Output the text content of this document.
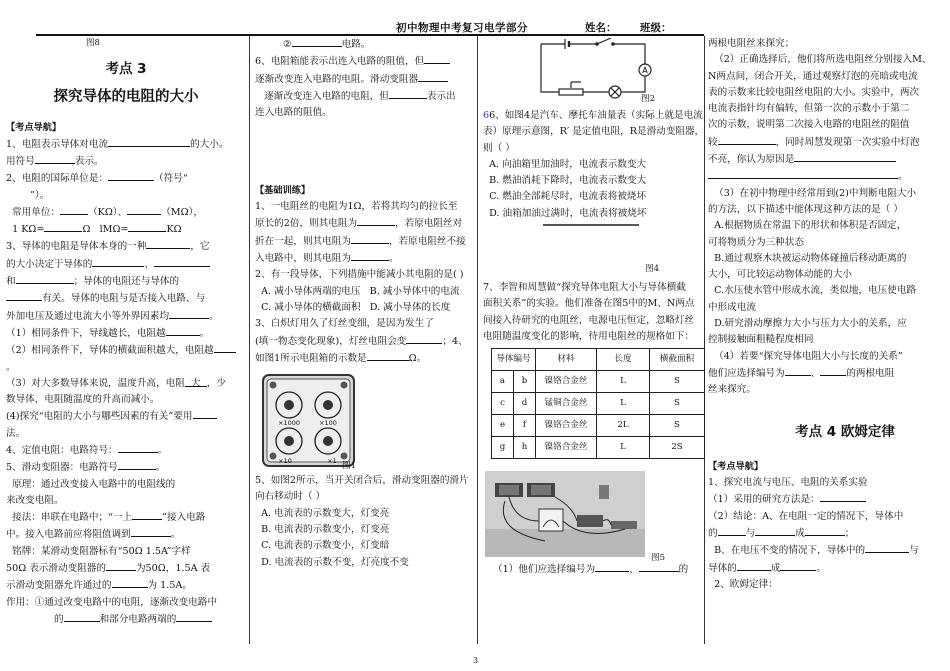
初中物理中考复习电学部分	姓名： 班级：

图8

考点 3
探究导体的电阻的大小

【考点导航】

1、电阻表示导体对电流	的大小。

用符号	表示。

2、电阻的国际单位是：	（符号“

”）。

常用单位：	（KΩ）、	（MΩ），

1 KΩ=	Ω lMΩ=	KΩ

3、导体的电阻是导体本身的一种	，它

的大小决定于导体的	、

和	；导体的电阻还与导体的

有关。导体的电阻与是否接入电路、与

外加电压及通过电流大小等外界因素均	。

（1）相同条件下，导线越长，电阻越	。

（2）相同条件下，导体的横截面积越大，电阻越

。

（3）对大多数导体来说，温度升高，电阻 大 ，少

数导体，电阻随温度的升高而减小。

(4)探究“电阻的大小与哪些因素的有关”要用

法。

4、定值电阻：电路符号：	。

5、滑动变阻器：电路符号	。

原理：通过改变接入电路中的电阻线的

来改变电阻。

接法：串联在电路中；“一上	”接入电路

中。接入电路前应将阻值调到	。

铭牌：某滑动变阻器标有“50Ω 1.5A”字样

50Ω 表示滑动变阻器的	为50Ω，1.5A 表

示滑动变阻器允许通过的	为 1.5A。

作用：①通过改变电路中的电阻，逐渐改变电路中

的	和部分电路两端的

②	电路。

6、电阻箱能表示出连入电路的阻值，但

逐渐改变连入电路的电阻。滑动变阻器

逐渐改变连入电路的电阻，但	表示出

连入电路的阻值。

【基础训练】

1、一电阻丝的电阻为1Ω，若将其均匀的拉长至

原长的2倍，则其电阻为	，若原电阻丝对

折在一起，则其电阻为	，若原电阻丝不接

入电路中，则其电阻为	。

2、有一段导体，下列措施中能减小其电阻的是( )

A. 减小导体两端的电压 B. 减小导体中的电流

C. 减小导体的横截面积 D. 减小导体的长度

3、白炽灯用久了灯丝变细，是因为发生了

(填一物态变化现象)，灯丝电阻会变	；4、

如图1所示电阻箱的示数是	Ω。

×1000	×100
×10	×1 图1

5、如图2所示，当开关闭合后，滑动变阻器的滑片

向右移动时（ ）

A. 电流表的示数变大，灯变亮

B. 电流表的示数变小，灯变亮

C. 电流表的示数变小，灯变暗

D. 电流表的示数不变，灯亮度不变

A
图2

66、如图4是汽车、摩托车油量表（实际上就是电流

表）原理示意图，R′ 是定值电阻，R是滑动变阻器，

则（ ）

A. 向油箱里加油时，电流表示数变大

B. 燃油消耗下降时，电流表示数变大

C. 燃油全部耗尽时，电流表将被烧坏

D. 油箱加油过满时，电流表将被烧坏

图4

7、李智和周慧做“探究导体电阻大小与导体横截

面积关系”的实验。他们准备在图5中的M、N两点

间接入待研究的电阻丝，电源电压恒定，忽略灯丝

电阻随温度变化的影响，待用电阻丝的规格如下：

导体编号		材料	长度	横截面积
a	b	镍铬合金丝	L	S
c	d	锰铜合金丝	L	S
e	f	镍铬合金丝	2L	S
g	h	镍铬合金丝	L	2S
图5

（1）他们应选择编号为	、	的

两根电阻丝来探究；

（2）正确选择后，他们将所选电阻丝分别接入M、

N两点间，闭合开关，通过观察灯泡的亮暗或电流

表的示数来比较电阻丝电阻的大小。实验中，两次

电流表指针均有偏转，但第一次的示数小于第二

次的示数，说明第二次接入电路的电阻丝的阻值

较	，同时周慧发现第一次实验中灯泡

不亮，你认为原因是

。

（3）在初中物理中经常用到(2)中判断电阻大小

的方法，以下描述中能体现这种方法的是（ ）

A.根据物质在常温下的形状和体积是否固定，

可将物质分为三种状态

B.通过观察木块被运动物体碰撞后移动距离的

大小，可比较运动物体动能的大小

C.水压使水管中形成水流，类似地，电压使电路

中形成电流

D.研究滑动摩擦力大小与压力大小的关系，应

控制接触面粗糙程度相同

（4）若要“探究导体电阻大小与长度的关系”

他们应选择编号为	、	的两根电阻

丝来探究。

考点 4 欧姆定律

【考点导航】

1、探究电流与电压、电阻的关系实验

（1）采用的研究方法是：

（2）结论：A、在电阻一定的情况下，导体中

的	与	成	；

B、在电压不变的情况下，导体中的	与

导体的	成	。

2、欧姆定律：

3
